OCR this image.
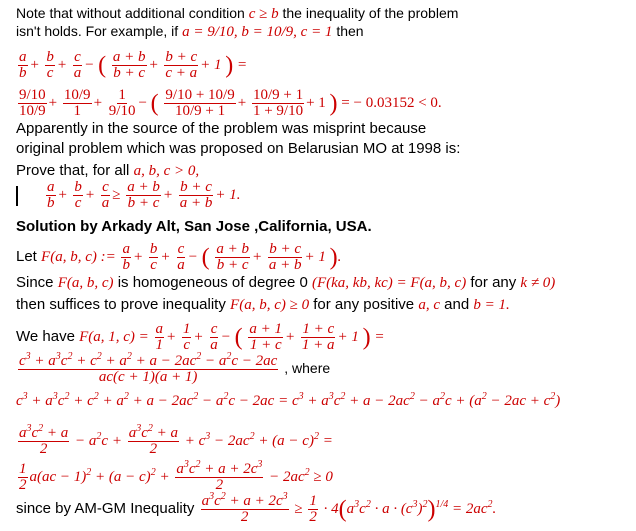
Note that without additional condition c ≥ b the inequality of the problem
isn't holds. For example, if a = 9/10, b = 10/9, c = 1 then
$\frac{a}{b} + \frac{b}{c} + \frac{c}{a}$ − ( $\frac{a + b}{b + c} + \frac{b + c}{c + a} + 1$ ) =
$\frac{9/10}{10/9} + \frac{10/9}{1} + \frac{1}{9/10}$ − ( $\frac{9/10 + 10/9}{10/9 + 1} + \frac{10/9 + 1}{1 + 9/10} + 1$ ) = − 0.03152 < 0.
Apparently in the source of the problem was misprint because
original problem which was proposed on Belarusian MO at 1998 is:
Prove that, for all a, b, c > 0,
$\frac{a}{b} + \frac{b}{c} + \frac{c}{a} \ge \frac{a + b}{b + c} + \frac{b + c}{a + b} + 1$.
Solution by Arkady Alt, San Jose ,California, USA.
Let F(a, b, c) := $\frac{a}{b} + \frac{b}{c} + \frac{c}{a}$ − ( $\frac{a + b}{b + c} + \frac{b + c}{a + b} + 1$ ).
Since F(a, b, c) is homogeneous of degree 0 (F(ka, kb, kc) = F(a, b, c) for any k ≠ 0)
then suffices to prove inequality F(a, b, c) ≥ 0 for any positive a, c and b = 1.
We have F(a, 1, $c) = \frac{a}{1} + \frac{1}{c} + \frac{c}{a}$ − ( $\frac{a + 1}{1 + c} + \frac{1 + c}{1 + a} + 1$ ) =
$\frac{c^3 + a^3c^2 + c^2 + a^2 + a - 2ac^2 - a^2c - 2ac}{ac(c + 1)(a + 1)}$ , where
$c^3 + a^3c^2 + c^2 + a^2 + a - 2ac^2 - a^2c - 2ac = c^3 + a^3c^2 + a - 2ac^2 - a^2c + (a^2 - 2ac + c^2)$
$\frac{a^3c^2 + a}{2} - a^2c + \frac{a^3c^2 + a}{2} + c^3 - 2ac^2 + (a - c)^2$ =
$\frac{1}{2} a(ac - 1)^2 + (a - c)^2 + \frac{a^3c^2 + a + 2c^3}{2} - 2ac^2 \ge 0$
since by AM-GM Inequality $\frac{a^3c^2 + a + 2c^3}{2} \ge \frac{1}{2} \cdot 4(a^3c^2 \cdot a \cdot (c^3)^2)^{1/4} = 2ac^2$.
